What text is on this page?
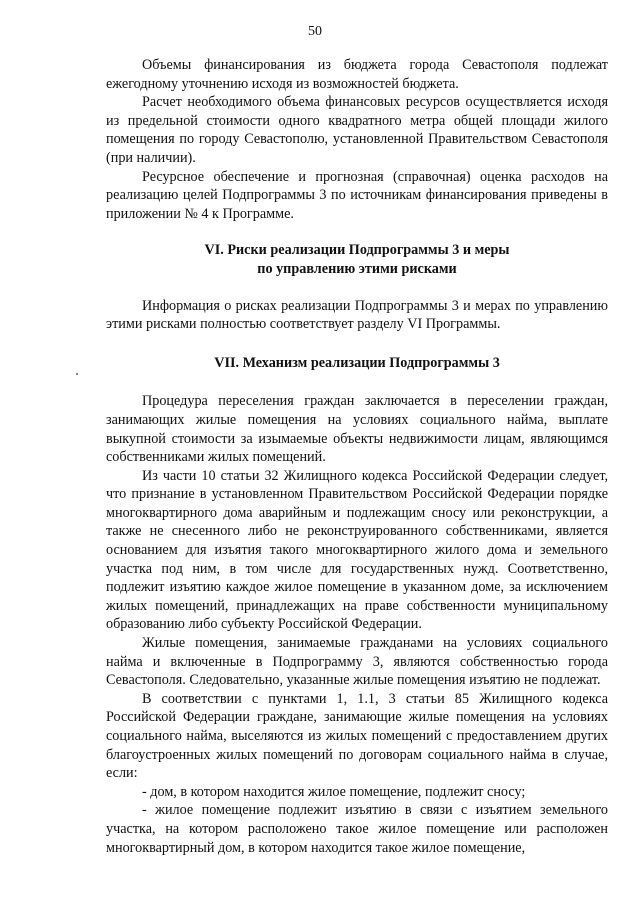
50

Объемы финансирования из бюджета города Севастополя подлежат ежегодному уточнению исходя из возможностей бюджета.

Расчет необходимого объема финансовых ресурсов осуществляется исходя из предельной стоимости одного квадратного метра общей площади жилого помещения по городу Севастополю, установленной Правительством Севастополя (при наличии).

Ресурсное обеспечение и прогнозная (справочная) оценка расходов на реализацию целей Подпрограммы 3 по источникам финансирования приведены в приложении № 4 к Программе.

VI. Риски реализации Подпрограммы 3 и меры
по управлению этими рисками

Информация о рисках реализации Подпрограммы 3 и мерах по управлению этими рисками полностью соответствует разделу VI Программы.

VII. Механизм реализации Подпрограммы 3

Процедура переселения граждан заключается в переселении граждан, занимающих жилые помещения на условиях социального найма, выплате выкупной стоимости за изымаемые объекты недвижимости лицам, являющимся собственниками жилых помещений.

Из части 10 статьи 32 Жилищного кодекса Российской Федерации следует, что признание в установленном Правительством Российской Федерации порядке многоквартирного дома аварийным и подлежащим сносу или реконструкции, а также не снесенного либо не реконструированного собственниками, является основанием для изъятия такого многоквартирного жилого дома и земельного участка под ним, в том числе для государственных нужд. Соответственно, подлежит изъятию каждое жилое помещение в указанном доме, за исключением жилых помещений, принадлежащих на праве собственности муниципальному образованию либо субъекту Российской Федерации.

Жилые помещения, занимаемые гражданами на условиях социального найма и включенные в Подпрограмму 3, являются собственностью города Севастополя. Следовательно, указанные жилые помещения изъятию не подлежат.

В соответствии с пунктами 1, 1.1, 3 статьи 85 Жилищного кодекса Российской Федерации граждане, занимающие жилые помещения на условиях социального найма, выселяются из жилых помещений с предоставлением других благоустроенных жилых помещений по договорам социального найма в случае, если:

- дом, в котором находится жилое помещение, подлежит сносу;

- жилое помещение подлежит изъятию в связи с изъятием земельного участка, на котором расположено такое жилое помещение или расположен многоквартирный дом, в котором находится такое жилое помещение,
